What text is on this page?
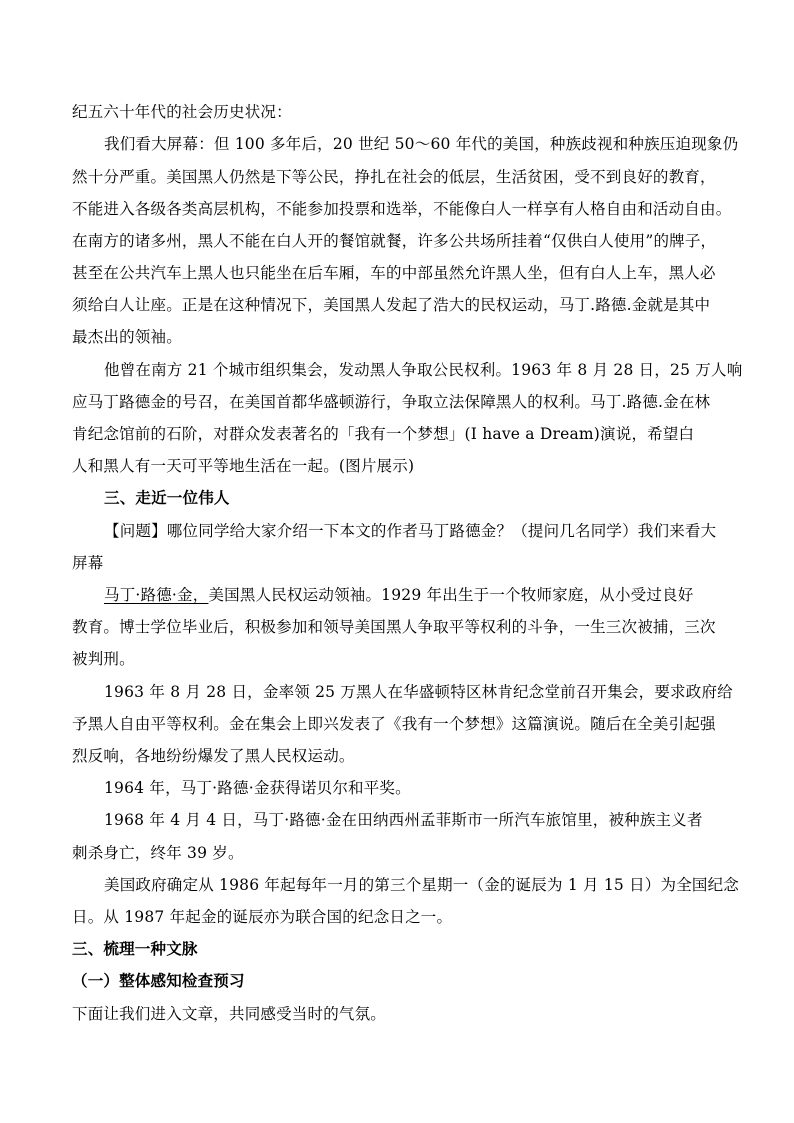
纪五六十年代的社会历史状况：
我们看大屏幕：但 100 多年后，20 世纪 50～60 年代的美国，种族歧视和种族压迫现象仍
然十分严重。美国黑人仍然是下等公民，挣扎在社会的低层，生活贫困，受不到良好的教育，
不能进入各级各类高层机构，不能参加投票和选举，不能像白人一样享有人格自由和活动自由。
在南方的诸多州，黑人不能在白人开的餐馆就餐，许多公共场所挂着“仅供白人使用”的牌子，
甚至在公共汽车上黑人也只能坐在后车厢，车的中部虽然允许黑人坐，但有白人上车，黑人必
须给白人让座。正是在这种情况下，美国黑人发起了浩大的民权运动，马丁.路德.金就是其中
最杰出的领袖。
他曾在南方 21 个城市组织集会，发动黑人争取公民权利。1963 年 8 月 28 日，25 万人响
应马丁路德金的号召，在美国首都华盛顿游行，争取立法保障黑人的权利。马丁.路德.金在林
肯纪念馆前的石阶，对群众发表著名的「我有一个梦想」(I have a Dream)演说，希望白
人和黑人有一天可平等地生活在一起。(图片展示)
三、走近一位伟人
【问题】哪位同学给大家介绍一下本文的作者马丁路德金？（提问几名同学）我们来看大
屏幕
马丁·路德·金，美国黑人民权运动领袖。1929 年出生于一个牧师家庭，从小受过良好
教育。博士学位毕业后，积极参加和领导美国黑人争取平等权利的斗争，一生三次被捕，三次
被判刑。
1963 年 8 月 28 日，金率领 25 万黑人在华盛顿特区林肯纪念堂前召开集会，要求政府给
予黑人自由平等权利。金在集会上即兴发表了《我有一个梦想》这篇演说。随后在全美引起强
烈反响，各地纷纷爆发了黑人民权运动。
1964 年，马丁·路德·金获得诺贝尔和平奖。
1968 年 4 月 4 日，马丁·路德·金在田纳西州孟菲斯市一所汽车旅馆里，被种族主义者
刺杀身亡，终年 39 岁。
美国政府确定从 1986 年起每年一月的第三个星期一（金的诞辰为 1 月 15 日）为全国纪念
日。从 1987 年起金的诞辰亦为联合国的纪念日之一。
三、梳理一种文脉
（一）整体感知检查预习
下面让我们进入文章，共同感受当时的气氛。
